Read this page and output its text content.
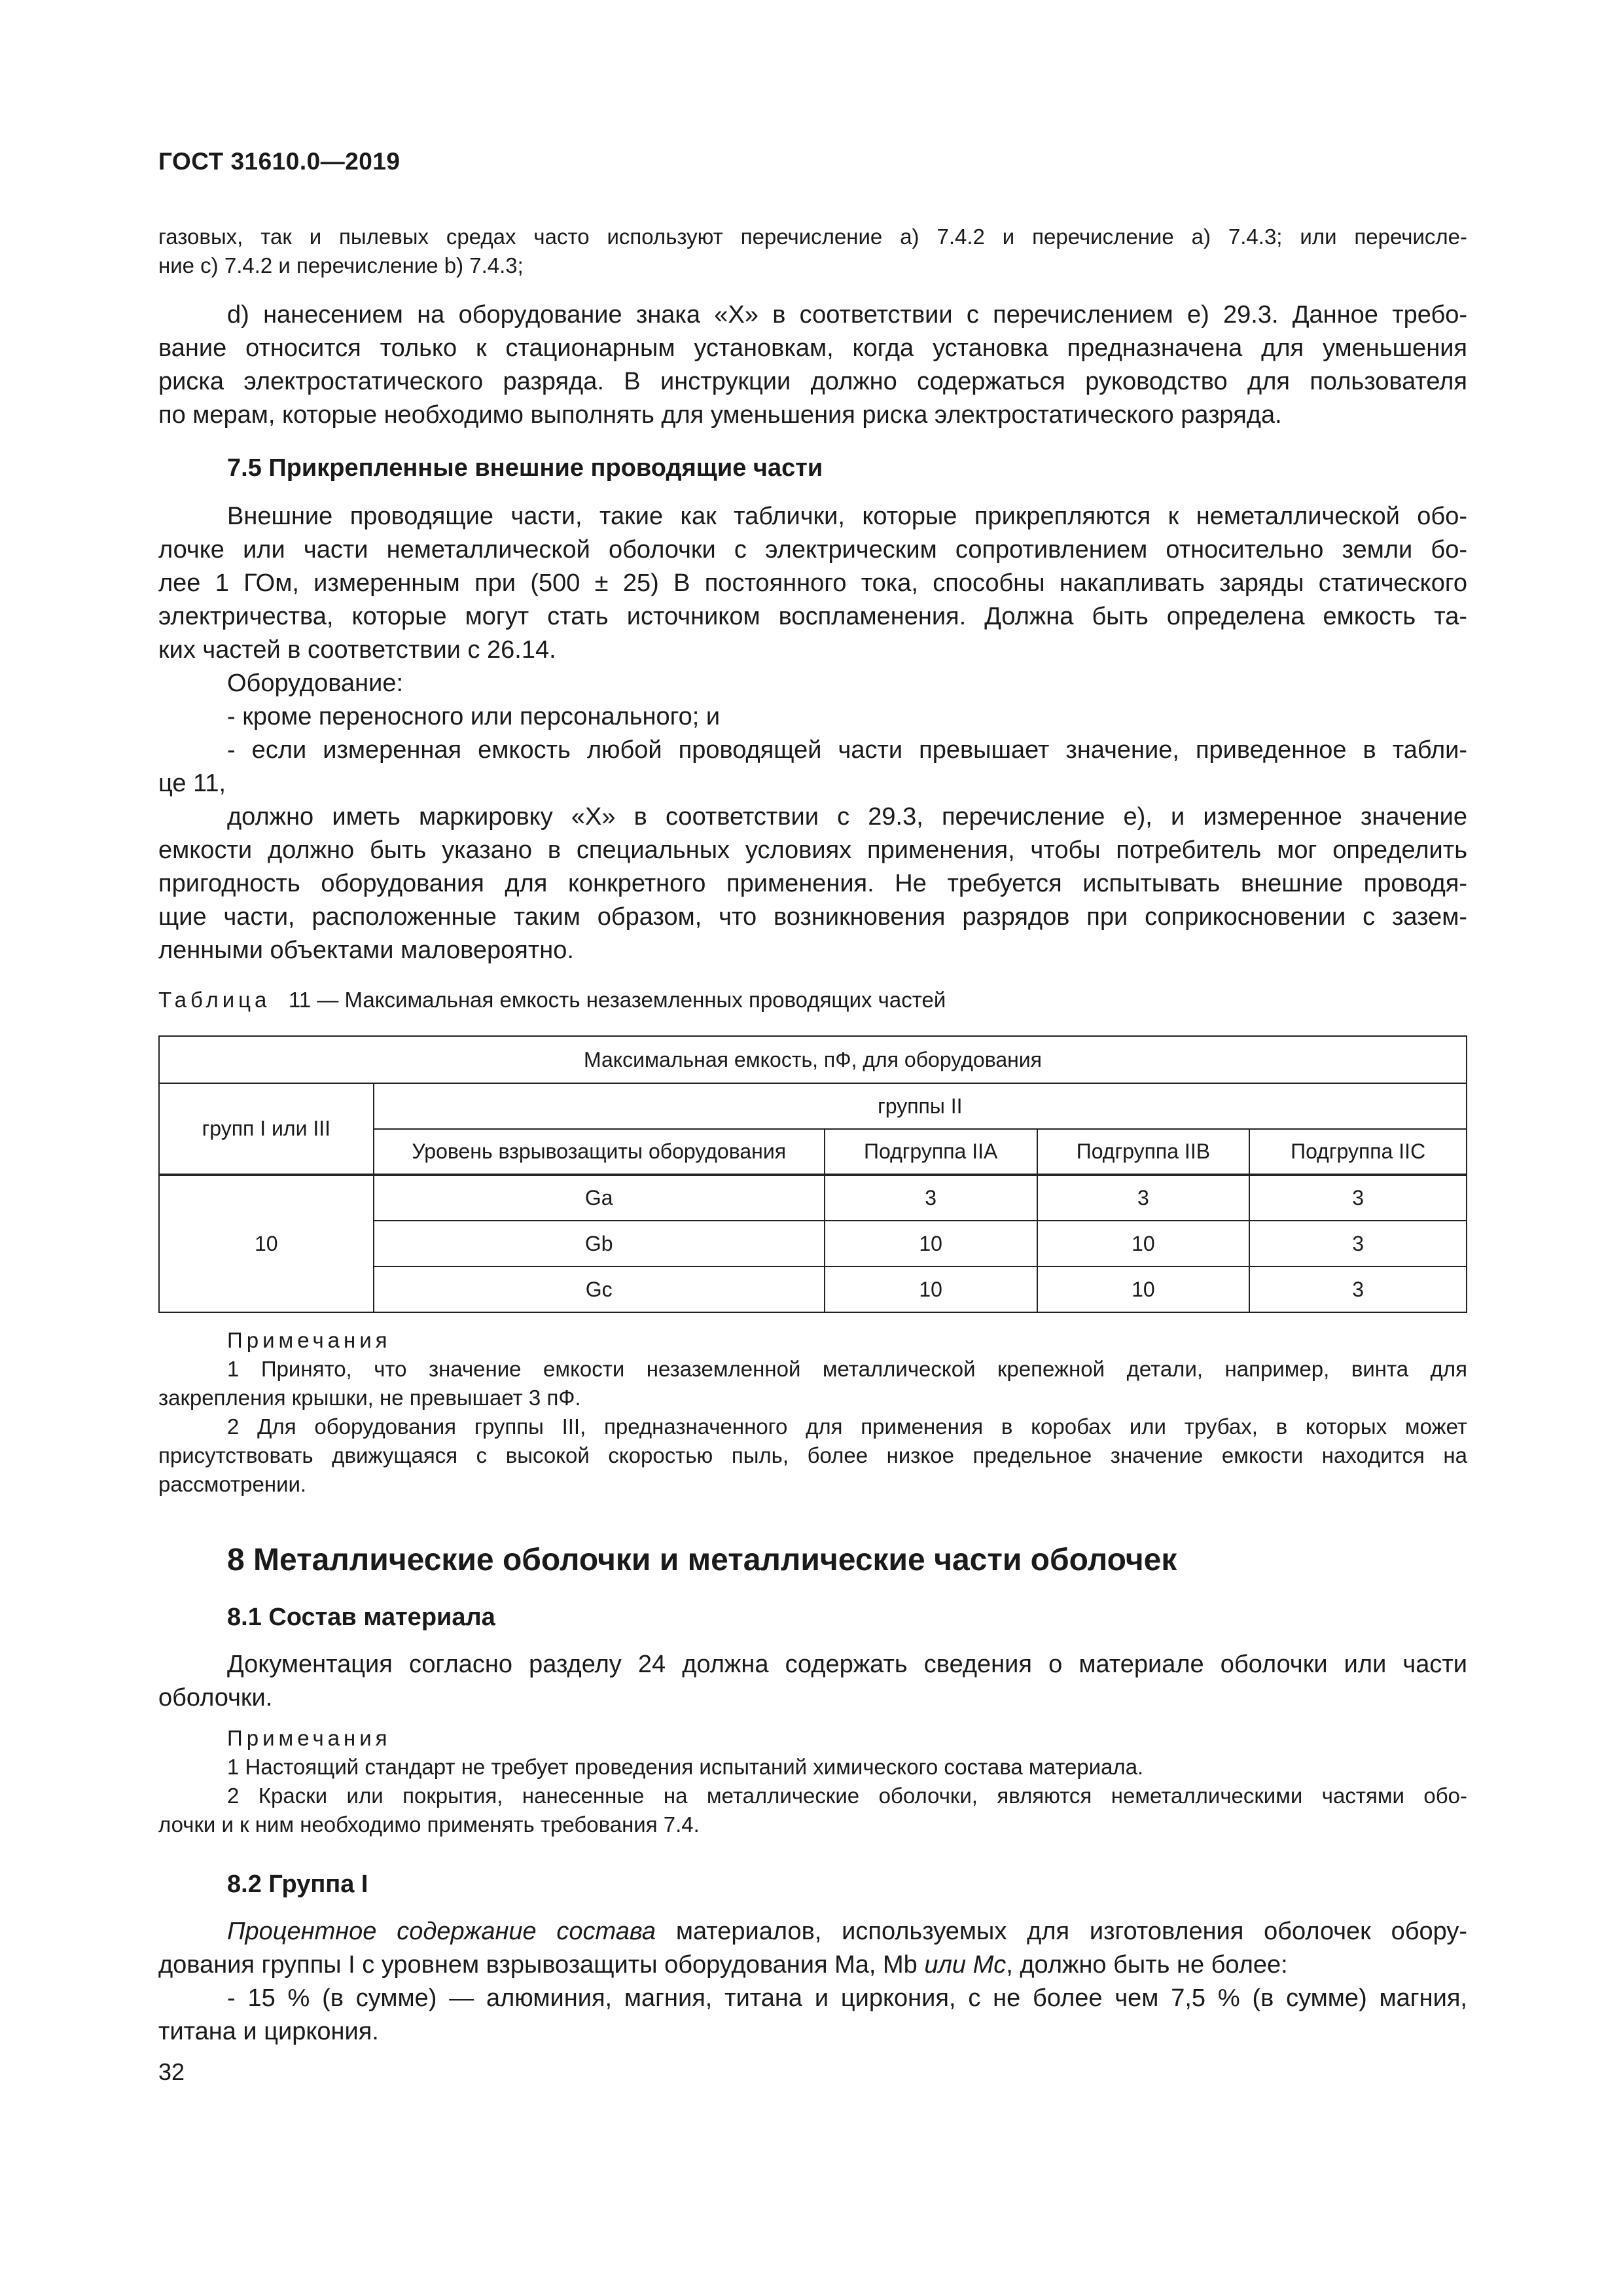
ГОСТ 31610.0—2019
газовых, так и пылевых средах часто используют перечисление a) 7.4.2 и перечисление a) 7.4.3; или перечисле-
ние c) 7.4.2 и перечисление b) 7.4.3;
d) нанесением на оборудование знака «X» в соответствии с перечислением е) 29.3. Данное требо-
вание относится только к стационарным установкам, когда установка предназначена для уменьшения
риска электростатического разряда. В инструкции должно содержаться руководство для пользователя
по мерам, которые необходимо выполнять для уменьшения риска электростатического разряда.
7.5 Прикрепленные внешние проводящие части
Внешние проводящие части, такие как таблички, которые прикрепляются к неметаллической обо-
лочке или части неметаллической оболочки с электрическим сопротивлением относительно земли бо-
лее 1 ГОм, измеренным при (500 ± 25) В постоянного тока, способны накапливать заряды статического
электричества, которые могут стать источником воспламенения. Должна быть определена емкость та-
ких частей в соответствии с 26.14.
Оборудование:
- кроме переносного или персонального; и
- если измеренная емкость любой проводящей части превышает значение, приведенное в табли-
це 11,
должно иметь маркировку «X» в соответствии с 29.3, перечисление е), и измеренное значение
емкости должно быть указано в специальных условиях применения, чтобы потребитель мог определить
пригодность оборудования для конкретного применения. Не требуется испытывать внешние проводя-
щие части, расположенные таким образом, что возникновения разрядов при соприкосновении с зазем-
ленными объектами маловероятно.
Таблица 11 — Максимальная емкость незаземленных проводящих частей
Максимальная емкость, пФ, для оборудования				
групп I или III	группы II			
	Уровень взрывозащиты оборудования	Подгруппа IIA	Подгруппа IIB	Подгруппа IIC
10	Ga	3	3	3
	Gb	10	10	3
	Gc	10	10	3
Примечания
1 Принято, что значение емкости незаземленной металлической крепежной детали, например, винта для
закрепления крышки, не превышает 3 пФ.
2 Для оборудования группы III, предназначенного для применения в коробах или трубах, в которых может
присутствовать движущаяся с высокой скоростью пыль, более низкое предельное значение емкости находится на
рассмотрении.
8 Металлические оболочки и металлические части оболочек
8.1 Состав материала
Документация согласно разделу 24 должна содержать сведения о материале оболочки или части
оболочки.
Примечания
1 Настоящий стандарт не требует проведения испытаний химического состава материала.
2 Краски или покрытия, нанесенные на металлические оболочки, являются неметаллическими частями обо-
лочки и к ним необходимо применять требования 7.4.
8.2 Группа I
Процентное содержание состава материалов, используемых для изготовления оболочек обору-
дования группы I с уровнем взрывозащиты оборудования Ma, Mb или Mc, должно быть не более:
- 15 % (в сумме) — алюминия, магния, титана и циркония, с не более чем 7,5 % (в сумме) магния,
титана и циркония.
32
